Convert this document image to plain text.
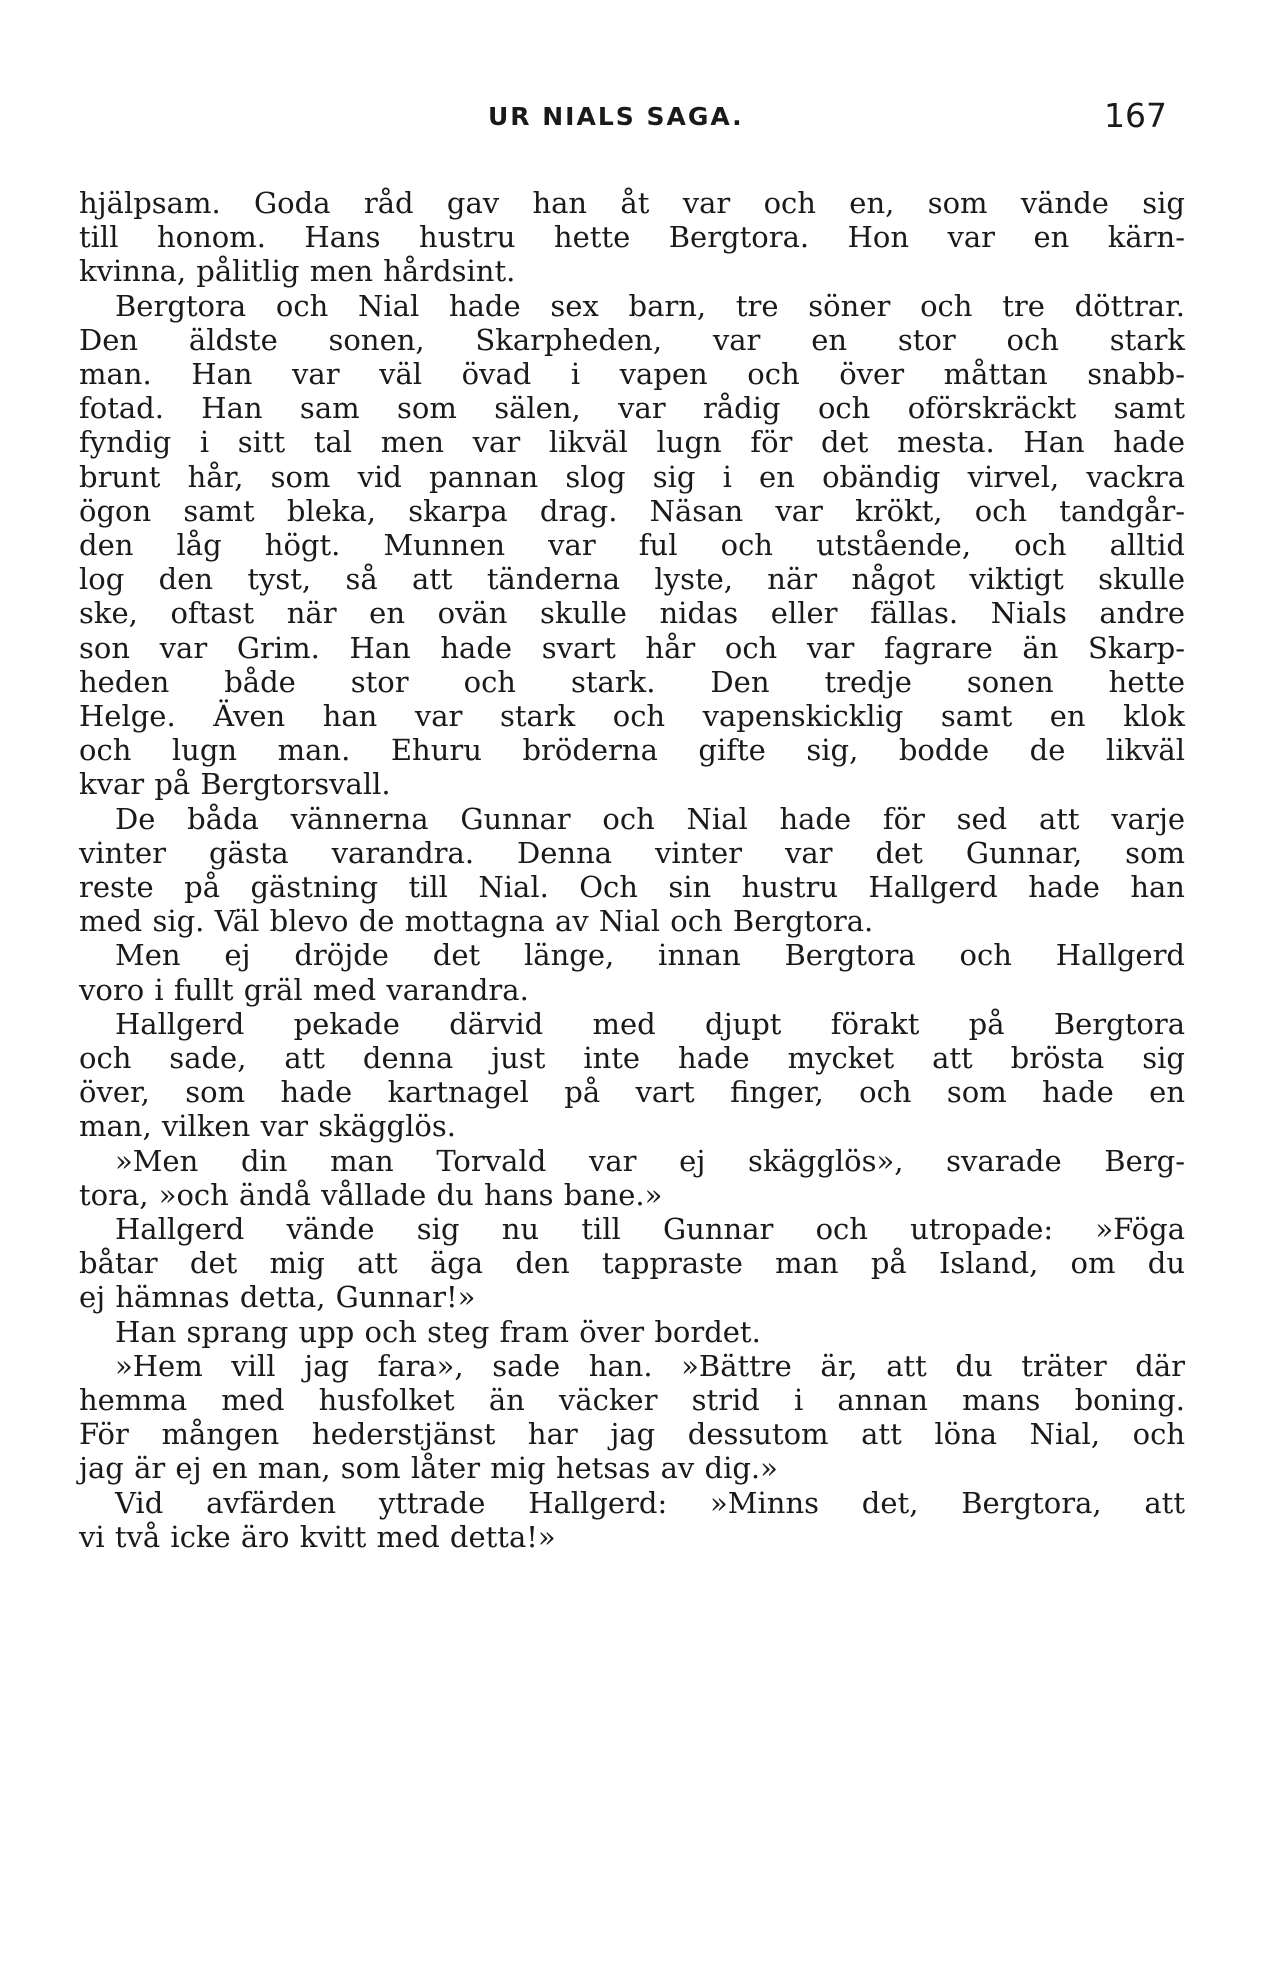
UR NIALS SAGA.	167
hjälpsam. Goda råd gav han åt var och en, som vände sig
till honom. Hans hustru hette Bergtora. Hon var en kärn-
kvinna, pålitlig men hårdsint.
Bergtora och Nial hade sex barn, tre söner och tre döttrar.
Den äldste sonen, Skarpheden, var en stor och stark
man. Han var väl övad i vapen och över måttan snabb-
fotad. Han sam som sälen, var rådig och oförskräckt samt
fyndig i sitt tal men var likväl lugn för det mesta. Han hade
brunt hår, som vid pannan slog sig i en obändig virvel, vackra
ögon samt bleka, skarpa drag. Näsan var krökt, och tandgår-
den låg högt. Munnen var ful och utstående, och alltid
log den tyst, så att tänderna lyste, när något viktigt skulle
ske, oftast när en ovän skulle nidas eller fällas. Nials andre
son var Grim. Han hade svart hår och var fagrare än Skarp-
heden både stor och stark. Den tredje sonen hette
Helge. Även han var stark och vapenskicklig samt en klok
och lugn man. Ehuru bröderna gifte sig, bodde de likväl
kvar på Bergtorsvall.
De båda vännerna Gunnar och Nial hade för sed att varje
vinter gästa varandra. Denna vinter var det Gunnar, som
reste på gästning till Nial. Och sin hustru Hallgerd hade han
med sig. Väl blevo de mottagna av Nial och Bergtora.
Men ej dröjde det länge, innan Bergtora och Hallgerd
voro i fullt gräl med varandra.
Hallgerd pekade därvid med djupt förakt på Bergtora
och sade, att denna just inte hade mycket att brösta sig
över, som hade kartnagel på vart finger, och som hade en
man, vilken var skägglös.
»Men din man Torvald var ej skägglös», svarade Berg-
tora, »och ändå vållade du hans bane.»
Hallgerd vände sig nu till Gunnar och utropade: »Föga
båtar det mig att äga den tappraste man på Island, om du
ej hämnas detta, Gunnar!»
Han sprang upp och steg fram över bordet.
»Hem vill jag fara», sade han. »Bättre är, att du träter där
hemma med husfolket än väcker strid i annan mans boning.
För mången hederstjänst har jag dessutom att löna Nial, och
jag är ej en man, som låter mig hetsas av dig.»
Vid avfärden yttrade Hallgerd: »Minns det, Bergtora, att
vi två icke äro kvitt med detta!»
